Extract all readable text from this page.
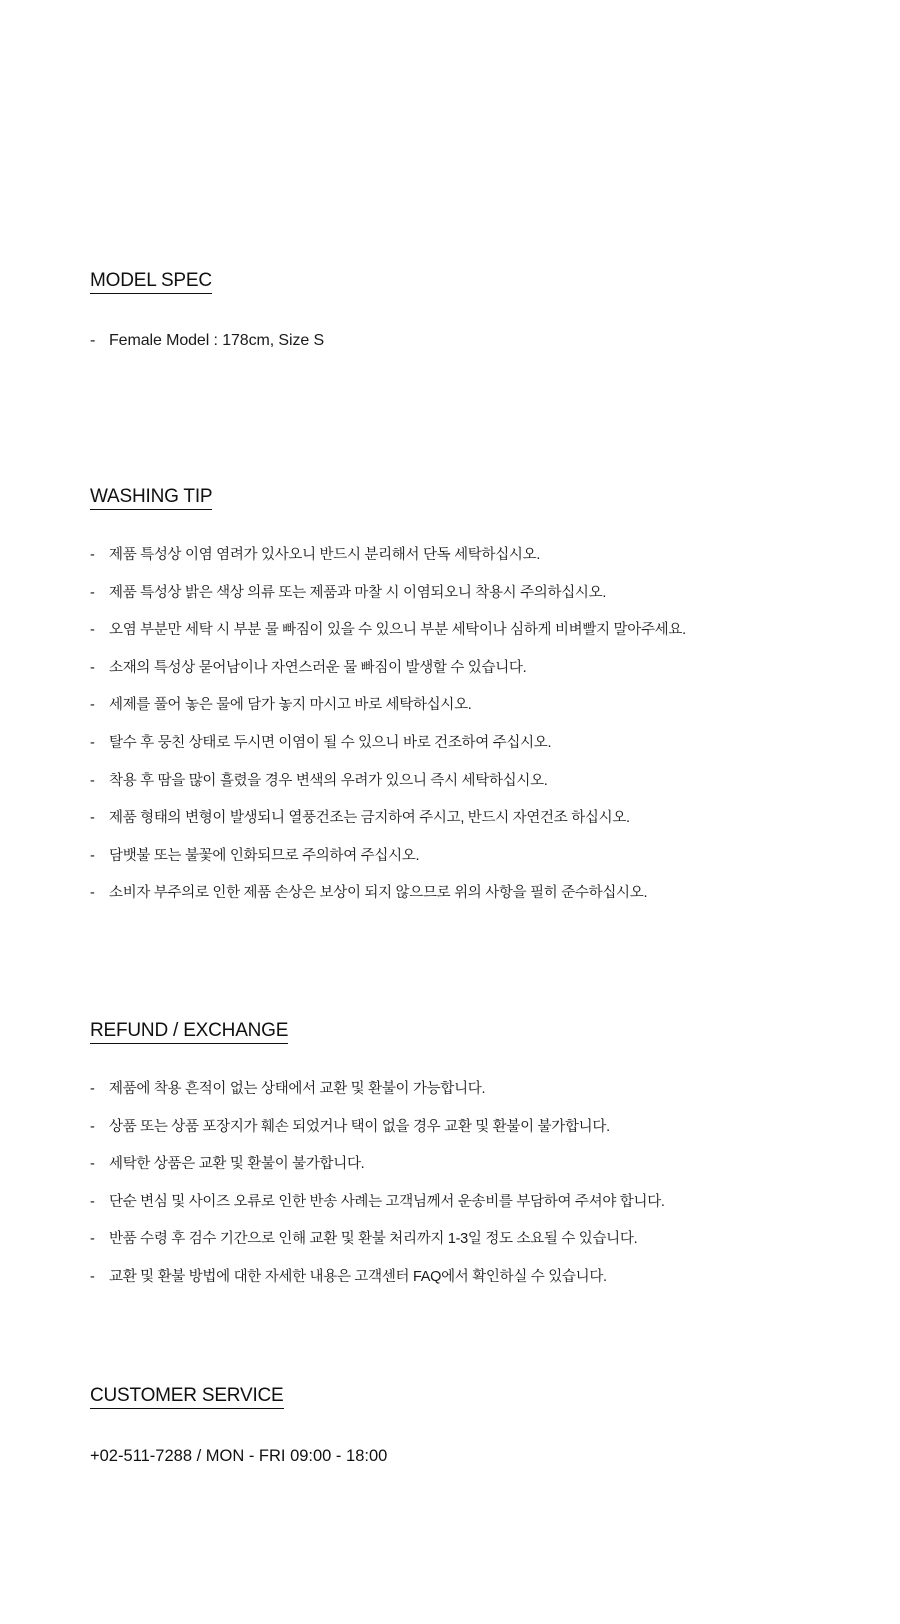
MODEL SPEC
- Female Model : 178cm, Size S
WASHING TIP
- 제품 특성상 이염 염려가 있사오니 반드시 분리해서 단독 세탁하십시오.
- 제품 특성상 밝은 색상 의류 또는 제품과 마찰 시 이염되오니 착용시 주의하십시오.
- 오염 부분만 세탁 시 부분 물 빠짐이 있을 수 있으니 부분 세탁이나 심하게 비벼빨지 말아주세요.
- 소재의 특성상 묻어남이나 자연스러운 물 빠짐이 발생할 수 있습니다.
- 세제를 풀어 놓은 물에 담가 놓지 마시고 바로 세탁하십시오.
- 탈수 후 뭉친 상태로 두시면 이염이 될 수 있으니 바로 건조하여 주십시오.
- 착용 후 땀을 많이 흘렸을 경우 변색의 우려가 있으니 즉시 세탁하십시오.
- 제품 형태의 변형이 발생되니 열풍건조는 금지하여 주시고, 반드시 자연건조 하십시오.
- 담뱃불 또는 불꽃에 인화되므로 주의하여 주십시오.
- 소비자 부주의로 인한 제품 손상은 보상이 되지 않으므로 위의 사항을 필히 준수하십시오.
REFUND / EXCHANGE
- 제품에 착용 흔적이 없는 상태에서 교환 및 환불이 가능합니다.
- 상품 또는 상품 포장지가 훼손 되었거나 택이 없을 경우 교환 및 환불이 불가합니다.
- 세탁한 상품은 교환 및 환불이 불가합니다.
- 단순 변심 및 사이즈 오류로 인한 반송 사례는 고객님께서 운송비를 부담하여 주셔야 합니다.
- 반품 수령 후 검수 기간으로 인해 교환 및 환불 처리까지 1-3일 정도 소요될 수 있습니다.
- 교환 및 환불 방법에 대한 자세한 내용은 고객센터 FAQ에서 확인하실 수 있습니다.
CUSTOMER SERVICE
+02-511-7288 / MON - FRI 09:00 - 18:00
